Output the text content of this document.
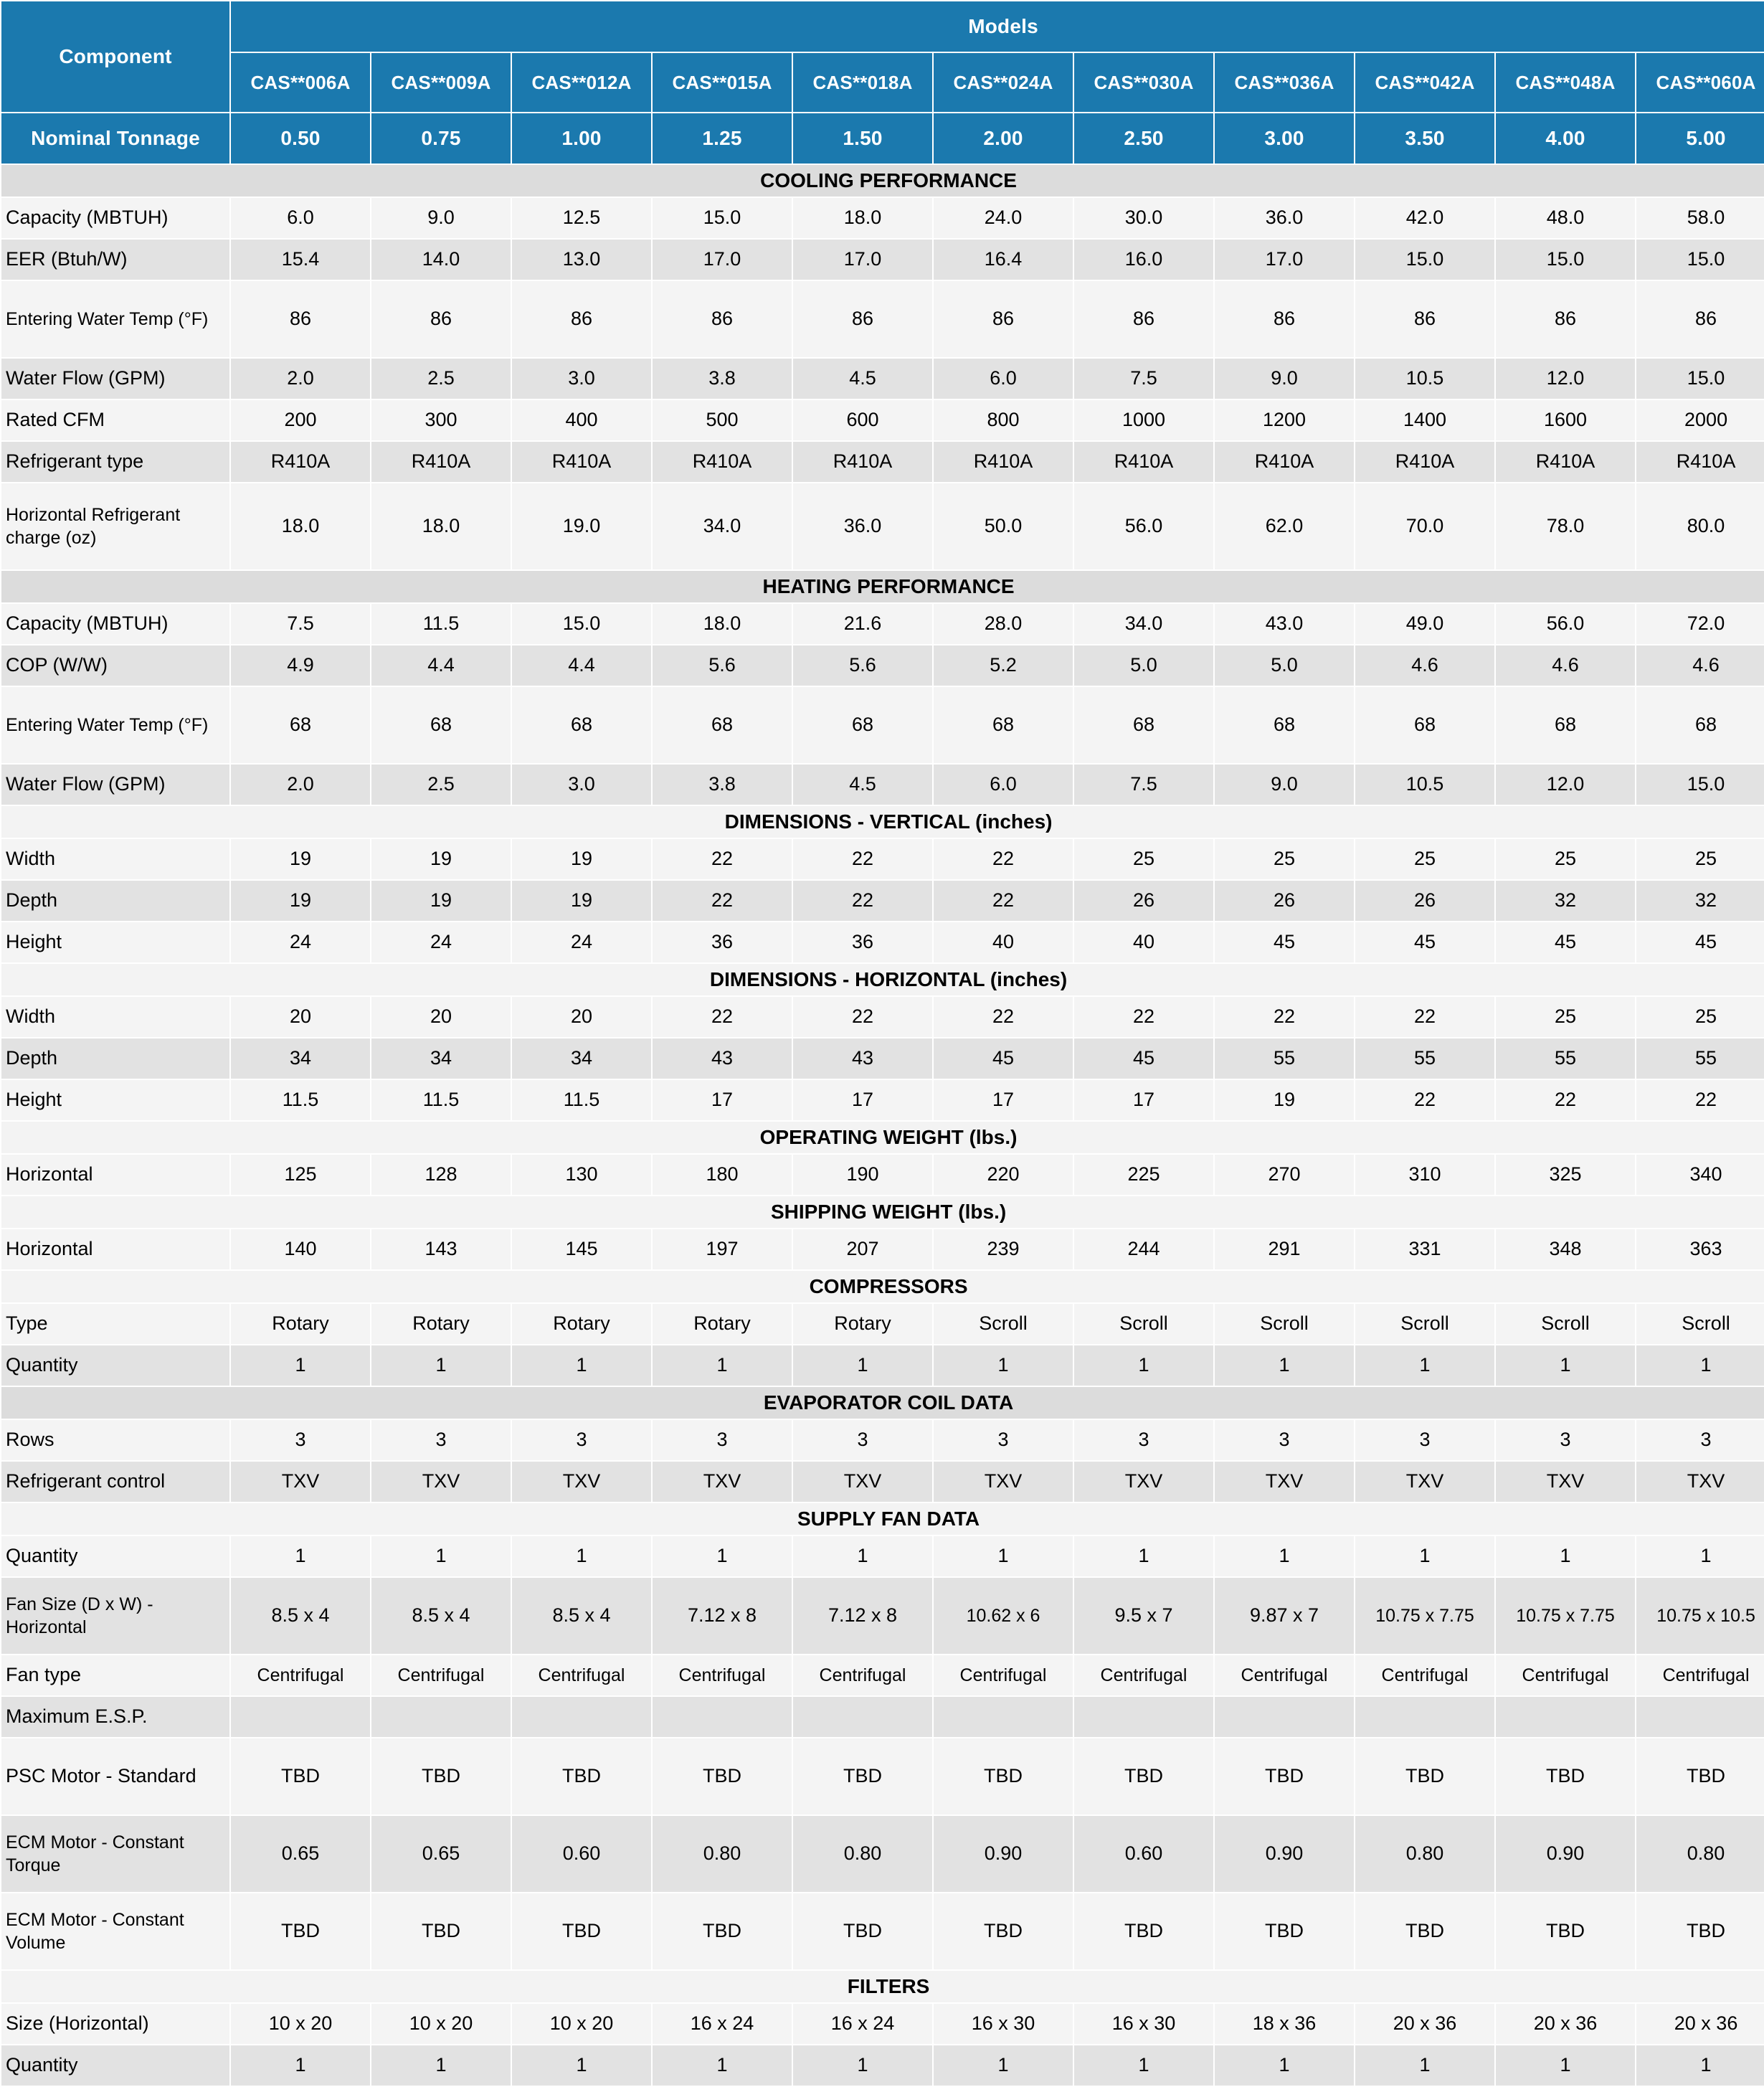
Component	Models										
	CAS**006A	CAS**009A	CAS**012A	CAS**015A	CAS**018A	CAS**024A	CAS**030A	CAS**036A	CAS**042A	CAS**048A	CAS**060A
Nominal Tonnage	0.50	0.75	1.00	1.25	1.50	2.00	2.50	3.00	3.50	4.00	5.00
COOLING PERFORMANCE											
Capacity (MBTUH)	6.0	9.0	12.5	15.0	18.0	24.0	30.0	36.0	42.0	48.0	58.0
EER (Btuh/W)	15.4	14.0	13.0	17.0	17.0	16.4	16.0	17.0	15.0	15.0	15.0
Entering Water Temp (°F)	86	86	86	86	86	86	86	86	86	86	86
Water Flow (GPM)	2.0	2.5	3.0	3.8	4.5	6.0	7.5	9.0	10.5	12.0	15.0
Rated CFM	200	300	400	500	600	800	1000	1200	1400	1600	2000
Refrigerant type	R410A	R410A	R410A	R410A	R410A	R410A	R410A	R410A	R410A	R410A	R410A
Horizontal Refrigerant charge (oz)	18.0	18.0	19.0	34.0	36.0	50.0	56.0	62.0	70.0	78.0	80.0
HEATING PERFORMANCE											
Capacity (MBTUH)	7.5	11.5	15.0	18.0	21.6	28.0	34.0	43.0	49.0	56.0	72.0
COP (W/W)	4.9	4.4	4.4	5.6	5.6	5.2	5.0	5.0	4.6	4.6	4.6
Entering Water Temp (°F)	68	68	68	68	68	68	68	68	68	68	68
Water Flow (GPM)	2.0	2.5	3.0	3.8	4.5	6.0	7.5	9.0	10.5	12.0	15.0
DIMENSIONS - VERTICAL (inches)											
Width	19	19	19	22	22	22	25	25	25	25	25
Depth	19	19	19	22	22	22	26	26	26	32	32
Height	24	24	24	36	36	40	40	45	45	45	45
DIMENSIONS - HORIZONTAL (inches)											
Width	20	20	20	22	22	22	22	22	22	25	25
Depth	34	34	34	43	43	45	45	55	55	55	55
Height	11.5	11.5	11.5	17	17	17	17	19	22	22	22
OPERATING WEIGHT (lbs.)											
Horizontal	125	128	130	180	190	220	225	270	310	325	340
SHIPPING WEIGHT (lbs.)											
Horizontal	140	143	145	197	207	239	244	291	331	348	363
COMPRESSORS											
Type	Rotary	Rotary	Rotary	Rotary	Rotary	Scroll	Scroll	Scroll	Scroll	Scroll	Scroll
Quantity	1	1	1	1	1	1	1	1	1	1	1
EVAPORATOR COIL DATA											
Rows	3	3	3	3	3	3	3	3	3	3	3
Refrigerant control	TXV	TXV	TXV	TXV	TXV	TXV	TXV	TXV	TXV	TXV	TXV
SUPPLY FAN DATA											
Quantity	1	1	1	1	1	1	1	1	1	1	1
Fan Size (D x W) - Horizontal	8.5 x 4	8.5 x 4	8.5 x 4	7.12 x 8	7.12 x 8	10.62 x 6	9.5 x 7	9.87 x 7	10.75 x 7.75	10.75 x 7.75	10.75 x 10.5
Fan type	Centrifugal	Centrifugal	Centrifugal	Centrifugal	Centrifugal	Centrifugal	Centrifugal	Centrifugal	Centrifugal	Centrifugal	Centrifugal
Maximum E.S.P.											
PSC Motor - Standard	TBD	TBD	TBD	TBD	TBD	TBD	TBD	TBD	TBD	TBD	TBD
ECM Motor - Constant Torque	0.65	0.65	0.60	0.80	0.80	0.90	0.60	0.90	0.80	0.90	0.80
ECM Motor - Constant Volume	TBD	TBD	TBD	TBD	TBD	TBD	TBD	TBD	TBD	TBD	TBD
FILTERS											
Size (Horizontal)	10 x 20	10 x 20	10 x 20	16 x 24	16 x 24	16 x 30	16 x 30	18 x 36	20 x 36	20 x 36	20 x 36
Quantity	1	1	1	1	1	1	1	1	1	1	1
